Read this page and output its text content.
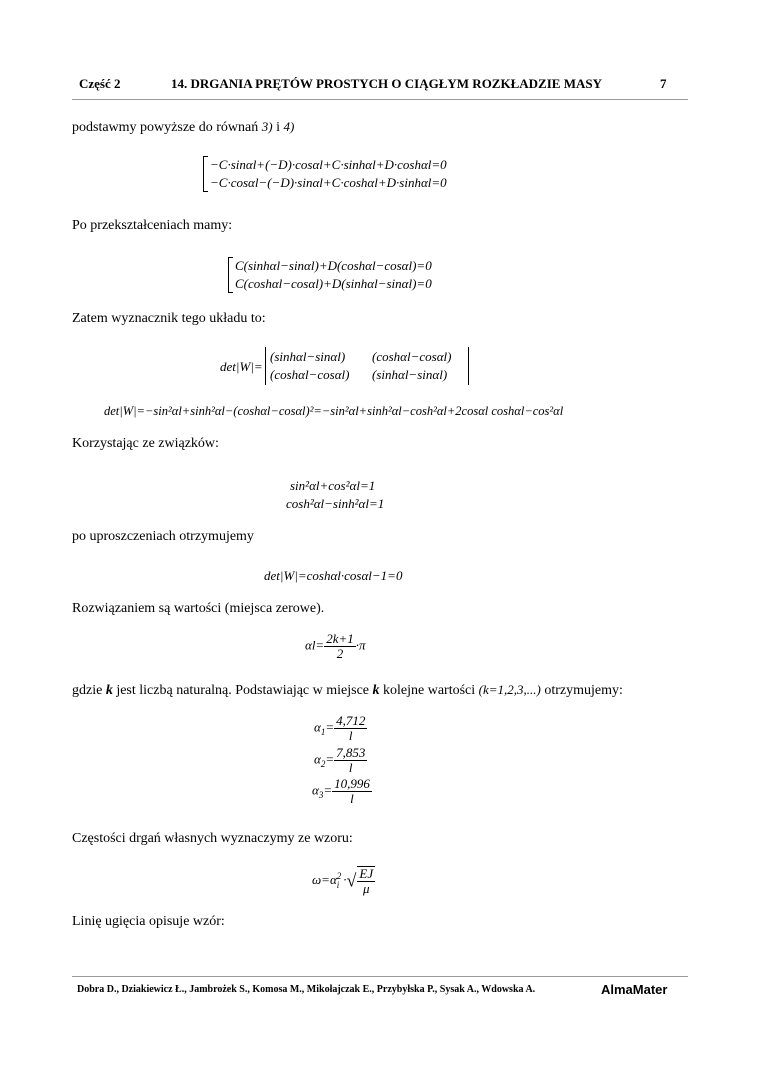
Część 2	14. DRGANIA PRĘTÓW PROSTYCH O CIĄGŁYM ROZKŁADZIE MASY	7
podstawmy powyższe do równań 3) i 4)
−C·sinαl+(−D)·cosαl+C·sinhαl+D·coshαl=0
−C·cosαl−(−D)·sinαl+C·coshαl+D·sinhαl=0
Po przekształceniach mamy:
C(sinhαl−sinαl)+D(coshαl−cosαl)=0
C(coshαl−cosαl)+D(sinhαl−sinαl)=0
Zatem wyznacznik tego układu to:
det|W|=
(sinhαl−sinαl) (coshαl−cosαl)
(coshαl−cosαl) (sinhαl−sinαl)
det|W|=−sin²αl+sinh²αl−(coshαl−cosαl)²=−sin²αl+sinh²αl−cosh²αl+2cosαl coshαl−cos²αl
Korzystając ze związków:
sin²αl+cos²αl=1
cosh²αl−sinh²αl=1
po uproszczeniach otrzymujemy
det|W|=coshαl·cosαl−1=0
Rozwiązaniem są wartości (miejsca zerowe).
$\alpha l= \frac{2k+1}{2} \cdot\pi$
gdzie k jest liczbą naturalną. Podstawiając w miejsce k kolejne wartości (k=1,2,3,...) otrzymujemy:
$\alpha_1= \frac{4,712}{l}$
$\alpha_2= \frac{7,853}{l}$
$\alpha_3= \frac{10,996}{l}$
Częstości drgań własnych wyznaczymy ze wzoru:
ω=α 2
i ·√ $\frac{EJ}{\mu}$
Linię ugięcia opisuje wzór:
Dobra D., Dziakiewicz Ł., Jambrożek S., Komosa M., Mikołajczak E., Przybyłska P., Sysak A., Wdowska A.	AlmaMater
